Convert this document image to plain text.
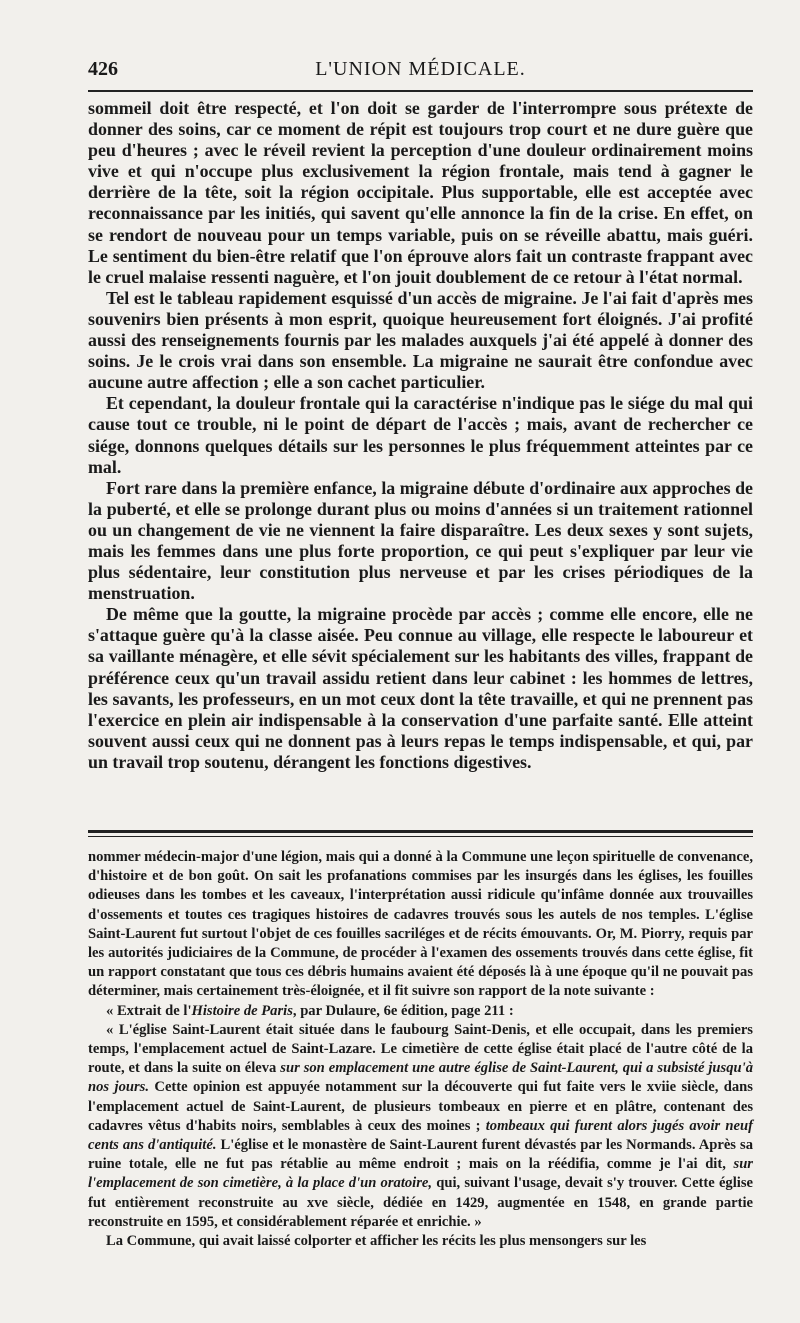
426	L'UNION MÉDICALE.

sommeil doit être respecté, et l'on doit se garder de l'interrompre sous prétexte de donner des soins, car ce moment de répit est toujours trop court et ne dure guère que peu d'heures ; avec le réveil revient la perception d'une douleur ordinairement moins vive et qui n'occupe plus exclusivement la région frontale, mais tend à gagner le derrière de la tête, soit la région occipitale. Plus supportable, elle est acceptée avec reconnaissance par les initiés, qui savent qu'elle annonce la fin de la crise. En effet, on se rendort de nouveau pour un temps variable, puis on se réveille abattu, mais guéri. Le sentiment du bien-être relatif que l'on éprouve alors fait un contraste frappant avec le cruel malaise ressenti naguère, et l'on jouit doublement de ce retour à l'état normal.

Tel est le tableau rapidement esquissé d'un accès de migraine. Je l'ai fait d'après mes souvenirs bien présents à mon esprit, quoique heureusement fort éloignés. J'ai profité aussi des renseignements fournis par les malades auxquels j'ai été appelé à donner des soins. Je le crois vrai dans son ensemble. La migraine ne saurait être confondue avec aucune autre affection ; elle a son cachet particulier.

Et cependant, la douleur frontale qui la caractérise n'indique pas le siége du mal qui cause tout ce trouble, ni le point de départ de l'accès ; mais, avant de rechercher ce siége, donnons quelques détails sur les personnes le plus fréquemment atteintes par ce mal.

Fort rare dans la première enfance, la migraine débute d'ordinaire aux approches de la puberté, et elle se prolonge durant plus ou moins d'années si un traitement rationnel ou un changement de vie ne viennent la faire disparaître. Les deux sexes y sont sujets, mais les femmes dans une plus forte proportion, ce qui peut s'expliquer par leur vie plus sédentaire, leur constitution plus nerveuse et par les crises périodiques de la menstruation.

De même que la goutte, la migraine procède par accès ; comme elle encore, elle ne s'attaque guère qu'à la classe aisée. Peu connue au village, elle respecte le laboureur et sa vaillante ménagère, et elle sévit spécialement sur les habitants des villes, frappant de préférence ceux qu'un travail assidu retient dans leur cabinet : les hommes de lettres, les savants, les professeurs, en un mot ceux dont la tête travaille, et qui ne prennent pas l'exercice en plein air indispensable à la conservation d'une parfaite santé. Elle atteint souvent aussi ceux qui ne donnent pas à leurs repas le temps indispensable, et qui, par un travail trop soutenu, dérangent les fonctions digestives.

nommer médecin-major d'une légion, mais qui a donné à la Commune une leçon spirituelle de convenance, d'histoire et de bon goût. On sait les profanations commises par les insurgés dans les églises, les fouilles odieuses dans les tombes et les caveaux, l'interprétation aussi ridicule qu'infâme donnée aux trouvailles d'ossements et toutes ces tragiques histoires de cadavres trouvés sous les autels de nos temples. L'église Saint-Laurent fut surtout l'objet de ces fouilles sacriléges et de récits émouvants. Or, M. Piorry, requis par les autorités judiciaires de la Commune, de procéder à l'examen des ossements trouvés dans cette église, fit un rapport constatant que tous ces débris humains avaient été déposés là à une époque qu'il ne pouvait pas déterminer, mais certainement très-éloignée, et il fit suivre son rapport de la note suivante :

« Extrait de l'Histoire de Paris, par Dulaure, 6e édition, page 211 :

« L'église Saint-Laurent était située dans le faubourg Saint-Denis, et elle occupait, dans les premiers temps, l'emplacement actuel de Saint-Lazare. Le cimetière de cette église était placé de l'autre côté de la route, et dans la suite on éleva sur son emplacement une autre église de Saint-Laurent, qui a subsisté jusqu'à nos jours. Cette opinion est appuyée notamment sur la découverte qui fut faite vers le xviie siècle, dans l'emplacement actuel de Saint-Laurent, de plusieurs tombeaux en pierre et en plâtre, contenant des cadavres vêtus d'habits noirs, semblables à ceux des moines ; tombeaux qui furent alors jugés avoir neuf cents ans d'antiquité. L'église et le monastère de Saint-Laurent furent dévastés par les Normands. Après sa ruine totale, elle ne fut pas rétablie au même endroit ; mais on la réédifia, comme je l'ai dit, sur l'emplacement de son cimetière, à la place d'un oratoire, qui, suivant l'usage, devait s'y trouver. Cette église fut entièrement reconstruite au xve siècle, dédiée en 1429, augmentée en 1548, en grande partie reconstruite en 1595, et considérablement réparée et enrichie. »

La Commune, qui avait laissé colporter et afficher les récits les plus mensongers sur les
